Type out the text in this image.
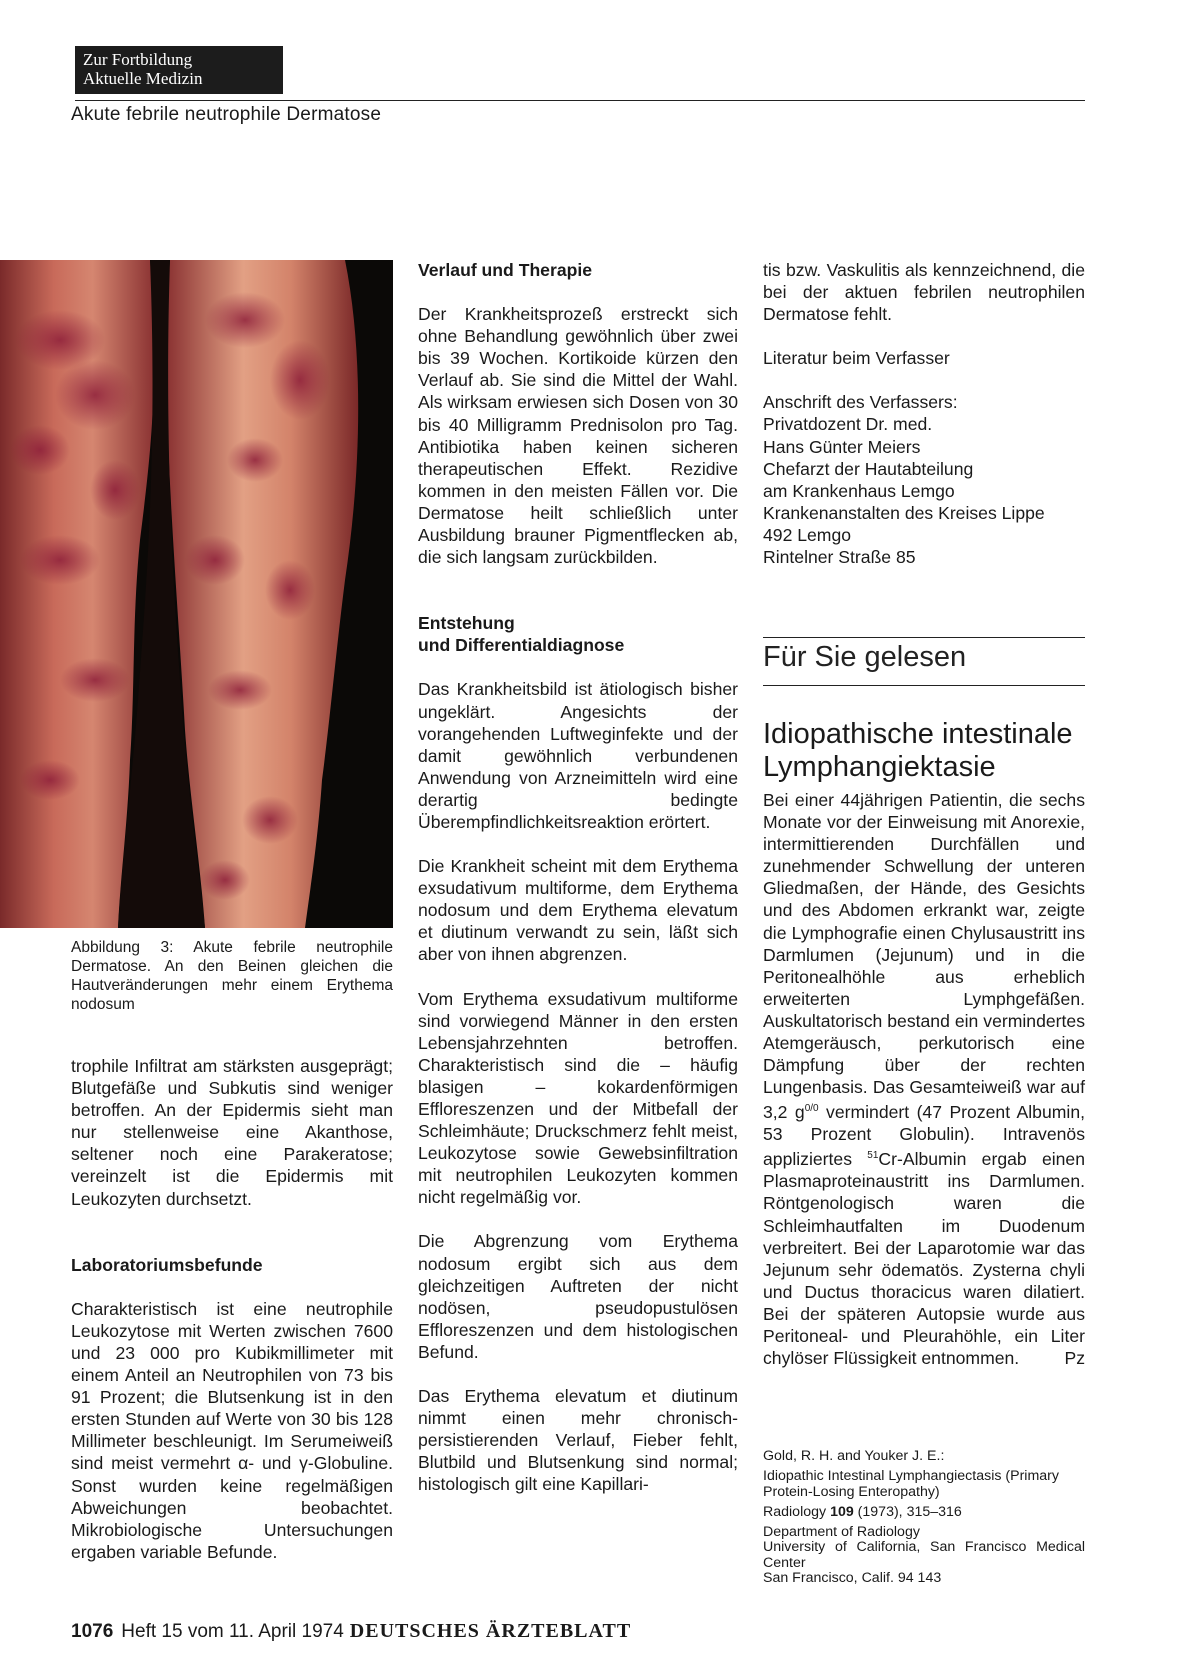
Zur Fortbildung
Aktuelle Medizin
Akute febrile neutrophile Dermatose
Abbildung 3: Akute febrile neutrophile Dermatose. An den Beinen gleichen die Hautveränderungen mehr einem Erythema nodosum

trophile Infiltrat am stärksten ausgeprägt; Blutgefäße und Subkutis sind weniger betroffen. An der Epidermis sieht man nur stellenweise eine Akanthose, seltener noch eine Parakeratose; vereinzelt ist die Epidermis mit Leukozyten durchsetzt.

Laboratoriumsbefunde

Charakteristisch ist eine neutrophile Leukozytose mit Werten zwischen 7600 und 23 000 pro Kubikmillimeter mit einem Anteil an Neutrophilen von 73 bis 91 Prozent; die Blutsenkung ist in den ersten Stunden auf Werte von 30 bis 128 Millimeter beschleunigt. Im Serumeiweiß sind meist vermehrt α- und γ-Globuline. Sonst wurden keine regelmäßigen Abweichungen beobachtet. Mikrobiologische Untersuchungen ergaben variable Befunde.

Verlauf und Therapie

Der Krankheitsprozeß erstreckt sich ohne Behandlung gewöhnlich über zwei bis 39 Wochen. Kortikoide kürzen den Verlauf ab. Sie sind die Mittel der Wahl. Als wirksam erwiesen sich Dosen von 30 bis 40 Milligramm Prednisolon pro Tag. Antibiotika haben keinen sicheren therapeutischen Effekt. Rezidive kommen in den meisten Fällen vor. Die Dermatose heilt schließlich unter Ausbildung brauner Pigmentflecken ab, die sich langsam zurückbilden.

Entstehung

und Differentialdiagnose

Das Krankheitsbild ist ätiologisch bisher ungeklärt. Angesichts der vorangehenden Luftweginfekte und der damit gewöhnlich verbundenen Anwendung von Arzneimitteln wird eine derartig bedingte Überempfindlichkeitsreaktion erörtert.

Die Krankheit scheint mit dem Erythema exsudativum multiforme, dem Erythema nodosum und dem Erythema elevatum et diutinum verwandt zu sein, läßt sich aber von ihnen abgrenzen.

Vom Erythema exsudativum multiforme sind vorwiegend Männer in den ersten Lebensjahrzehnten betroffen. Charakteristisch sind die – häufig blasigen – kokardenförmigen Effloreszenzen und der Mitbefall der Schleimhäute; Druckschmerz fehlt meist, Leukozytose sowie Gewebsinfiltration mit neutrophilen Leukozyten kommen nicht regelmäßig vor.

Die Abgrenzung vom Erythema nodosum ergibt sich aus dem gleichzeitigen Auftreten der nicht nodösen, pseudopustulösen Effloreszenzen und dem histologischen Befund.

Das Erythema elevatum et diutinum nimmt einen mehr chronisch-persistierenden Verlauf, Fieber fehlt, Blutbild und Blutsenkung sind normal; histologisch gilt eine Kapillari-

tis bzw. Vaskulitis als kennzeichnend, die bei der aktuen febrilen neutrophilen Dermatose fehlt.

Literatur beim Verfasser

Anschrift des Verfassers:
Privatdozent Dr. med.
Hans Günter Meiers
Chefarzt der Hautabteilung
am Krankenhaus Lemgo
Krankenanstalten des Kreises Lippe
492 Lemgo
Rintelner Straße 85
Für Sie gelesen
Idiopathische intestinale
Lymphangiektasie

Bei einer 44jährigen Patientin, die sechs Monate vor der Einweisung mit Anorexie, intermittierenden Durchfällen und zunehmender Schwellung der unteren Gliedmaßen, der Hände, des Gesichts und des Abdomen erkrankt war, zeigte die Lymphografie einen Chylusaustritt ins Darmlumen (Jejunum) und in die Peritonealhöhle aus erheblich erweiterten Lymphgefäßen. Auskultatorisch bestand ein vermindertes Atemgeräusch, perkutorisch eine Dämpfung über der rechten Lungenbasis. Das Gesamteiweiß war auf 3,2 $g^{0/0}$ vermindert (47 Prozent Albumin, 53 Prozent Globulin). Intravenös appliziertes $^{51}$Cr-Albumin ergab einen Plasmaproteinaustritt ins Darmlumen. Röntgenologisch waren die Schleimhautfalten im Duodenum verbreitert. Bei der Laparotomie war das Jejunum sehr ödematös. Zysterna chyli und Ductus thoracicus waren dilatiert. Bei der späteren Autopsie wurde aus Peritoneal- und Pleurahöhle, ein Liter chylöser Flüssigkeit entnommen.	Pz

Gold, R. H. and Youker J. E.:
Idiopathic Intestinal Lymphangiectasis (Primary Protein-Losing Enteropathy)
Radiology 109 (1973), 315–316
Department of Radiology
University of California, San Francisco Medical Center
San Francisco, Calif. 94 143
1076 Heft 15 vom 11. April 1974 DEUTSCHES ÄRZTEBLATT
